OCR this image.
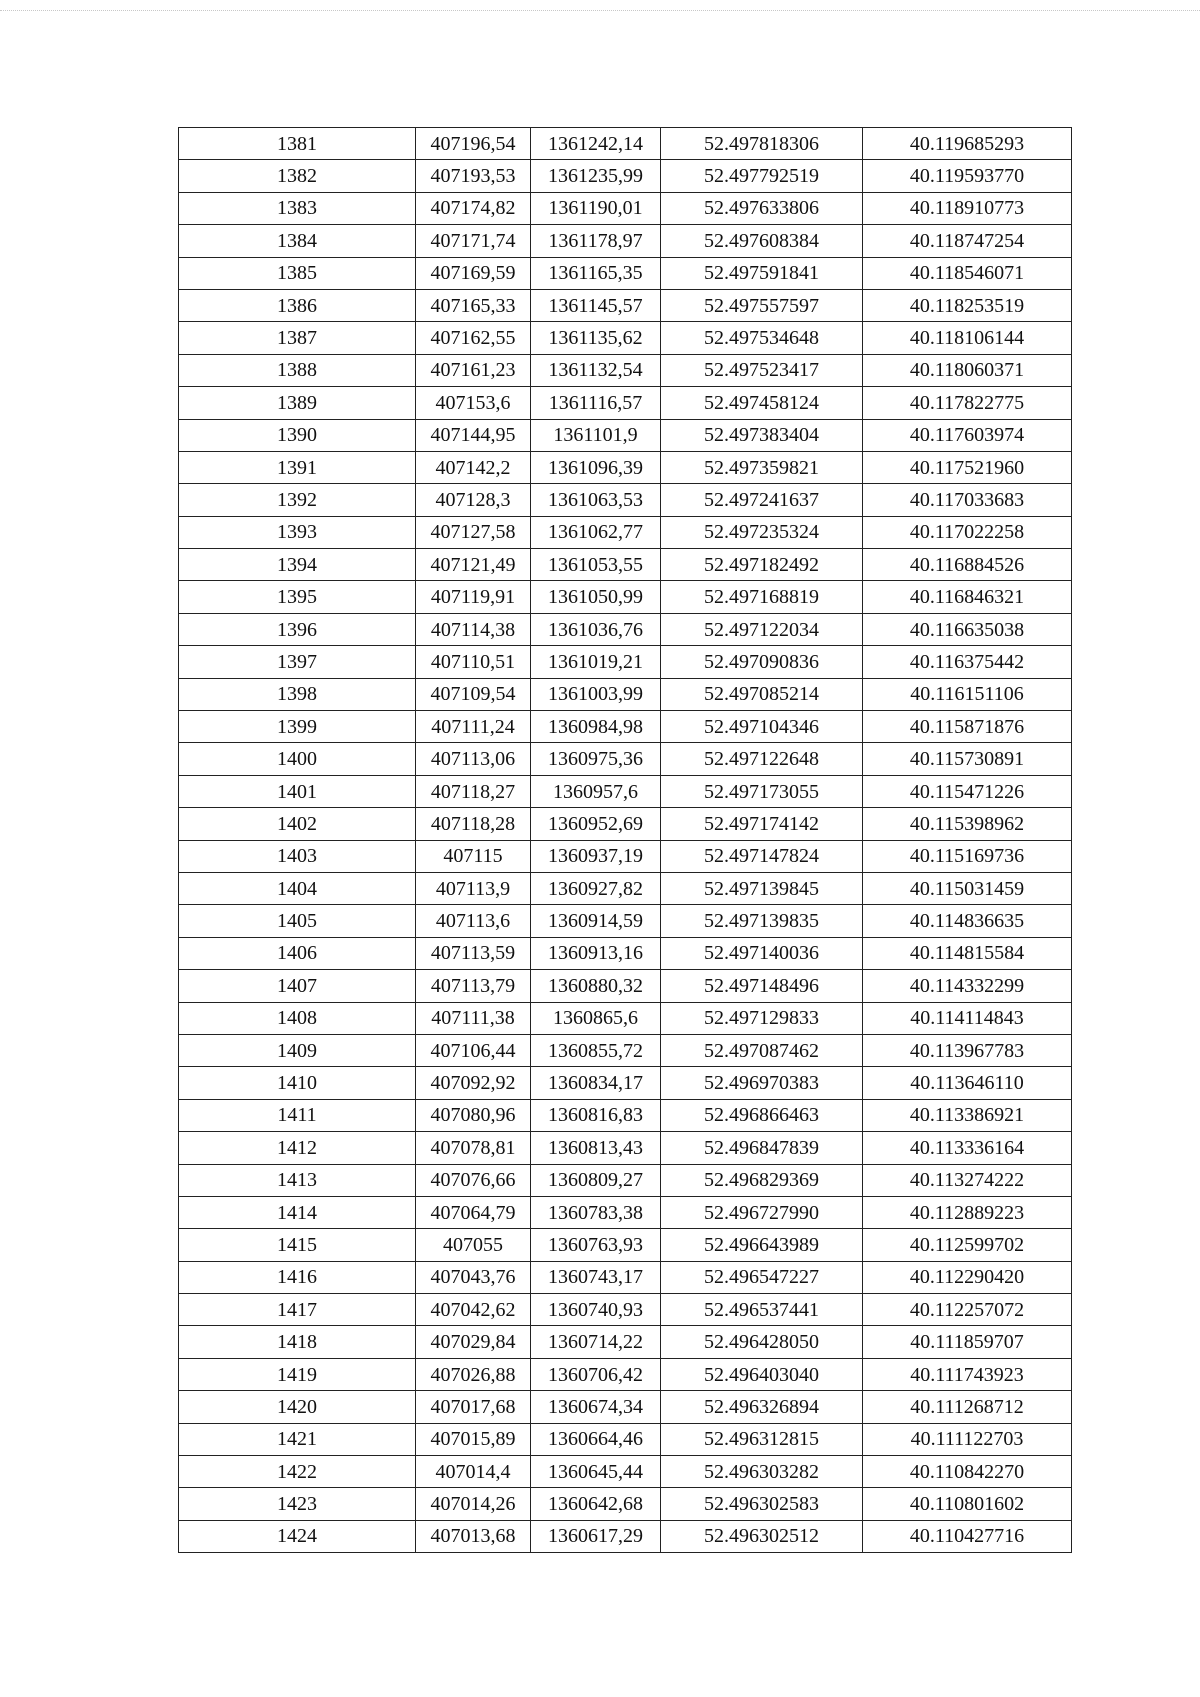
1381	407196,54	1361242,14	52.497818306	40.119685293
1382	407193,53	1361235,99	52.497792519	40.119593770
1383	407174,82	1361190,01	52.497633806	40.118910773
1384	407171,74	1361178,97	52.497608384	40.118747254
1385	407169,59	1361165,35	52.497591841	40.118546071
1386	407165,33	1361145,57	52.497557597	40.118253519
1387	407162,55	1361135,62	52.497534648	40.118106144
1388	407161,23	1361132,54	52.497523417	40.118060371
1389	407153,6	1361116,57	52.497458124	40.117822775
1390	407144,95	1361101,9	52.497383404	40.117603974
1391	407142,2	1361096,39	52.497359821	40.117521960
1392	407128,3	1361063,53	52.497241637	40.117033683
1393	407127,58	1361062,77	52.497235324	40.117022258
1394	407121,49	1361053,55	52.497182492	40.116884526
1395	407119,91	1361050,99	52.497168819	40.116846321
1396	407114,38	1361036,76	52.497122034	40.116635038
1397	407110,51	1361019,21	52.497090836	40.116375442
1398	407109,54	1361003,99	52.497085214	40.116151106
1399	407111,24	1360984,98	52.497104346	40.115871876
1400	407113,06	1360975,36	52.497122648	40.115730891
1401	407118,27	1360957,6	52.497173055	40.115471226
1402	407118,28	1360952,69	52.497174142	40.115398962
1403	407115	1360937,19	52.497147824	40.115169736
1404	407113,9	1360927,82	52.497139845	40.115031459
1405	407113,6	1360914,59	52.497139835	40.114836635
1406	407113,59	1360913,16	52.497140036	40.114815584
1407	407113,79	1360880,32	52.497148496	40.114332299
1408	407111,38	1360865,6	52.497129833	40.114114843
1409	407106,44	1360855,72	52.497087462	40.113967783
1410	407092,92	1360834,17	52.496970383	40.113646110
1411	407080,96	1360816,83	52.496866463	40.113386921
1412	407078,81	1360813,43	52.496847839	40.113336164
1413	407076,66	1360809,27	52.496829369	40.113274222
1414	407064,79	1360783,38	52.496727990	40.112889223
1415	407055	1360763,93	52.496643989	40.112599702
1416	407043,76	1360743,17	52.496547227	40.112290420
1417	407042,62	1360740,93	52.496537441	40.112257072
1418	407029,84	1360714,22	52.496428050	40.111859707
1419	407026,88	1360706,42	52.496403040	40.111743923
1420	407017,68	1360674,34	52.496326894	40.111268712
1421	407015,89	1360664,46	52.496312815	40.111122703
1422	407014,4	1360645,44	52.496303282	40.110842270
1423	407014,26	1360642,68	52.496302583	40.110801602
1424	407013,68	1360617,29	52.496302512	40.110427716
